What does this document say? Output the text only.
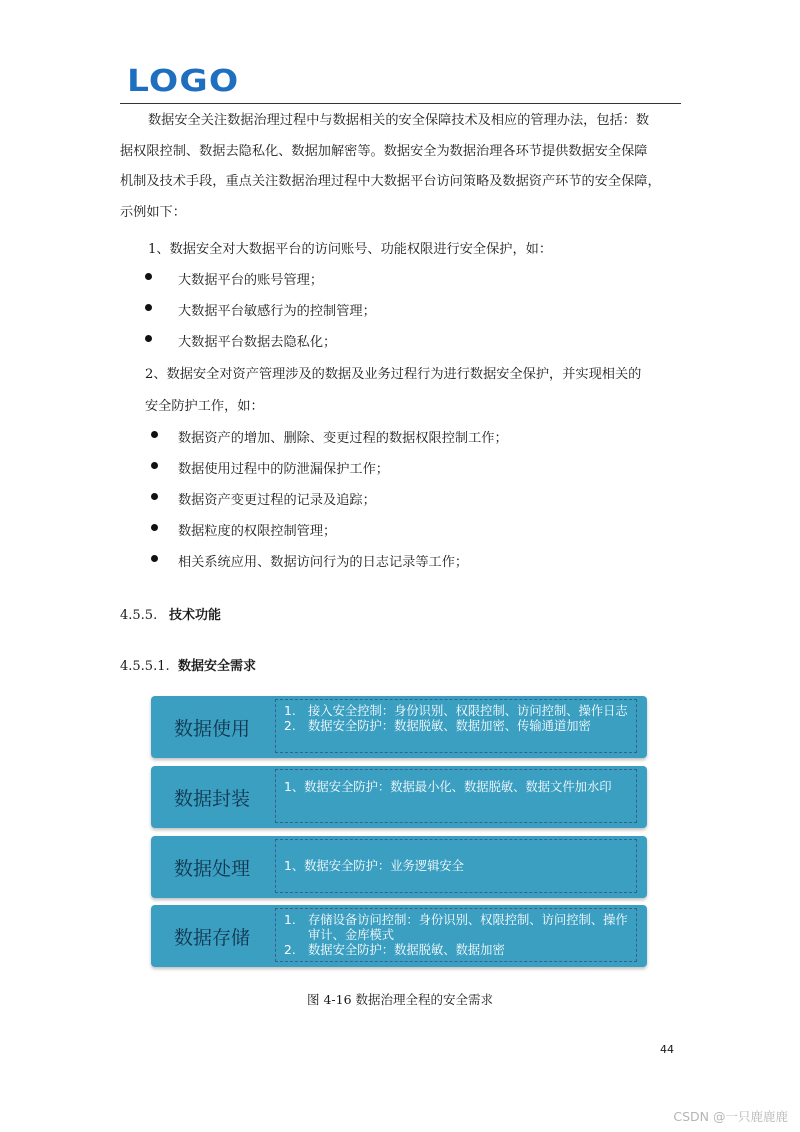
LOGO
数据安全关注数据治理过程中与数据相关的安全保障技术及相应的管理办法，包括：数
据权限控制、数据去隐私化、数据加解密等。数据安全为数据治理各环节提供数据安全保障
机制及技术手段，重点关注数据治理过程中大数据平台访问策略及数据资产环节的安全保障，
示例如下：
1、数据安全对大数据平台的访问账号、功能权限进行安全保护，如：
大数据平台的账号管理；
大数据平台敏感行为的控制管理；
大数据平台数据去隐私化；
2、数据安全对资产管理涉及的数据及业务过程行为进行数据安全保护，并实现相关的
安全防护工作，如：
数据资产的增加、删除、变更过程的数据权限控制工作；
数据使用过程中的防泄漏保护工作；
数据资产变更过程的记录及追踪；
数据粒度的权限控制管理；
相关系统应用、数据访问行为的日志记录等工作；
4.5.5. 技术功能
4.5.5.1. 数据安全需求
数据使用
1. 接入安全控制：身份识别、权限控制、访问控制、操作日志
2. 数据安全防护：数据脱敏、数据加密、传输通道加密
数据封装
1、数据安全防护：数据最小化、数据脱敏、数据文件加水印
数据处理	1、数据安全防护：业务逻辑安全
数据存储
1. 存储设备访问控制：身份识别、权限控制、访问控制、操作审计、金库模式
2. 数据安全防护：数据脱敏、数据加密
图 4-16 数据治理全程的安全需求
44
CSDN @一只鹿鹿鹿
